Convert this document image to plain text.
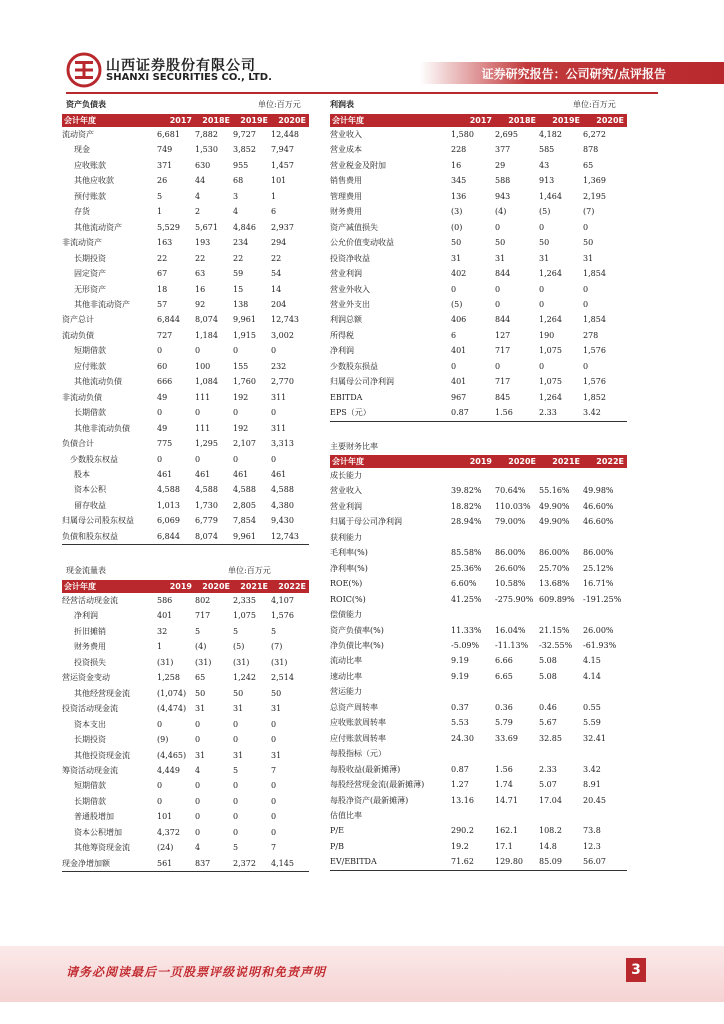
山西证券股份有限公司
SHANXI SECURITIES CO., LTD.	证券研究报告：公司研究/点评报告
资产负债表	单位:百万元	利润表	单位:百万元
会计年度	2017	2018E	2019E	2020E
流动资产	6,681	7,882	9,727	12,448
现金	749	1,530	3,852	7,947
应收账款	371	630	955	1,457
其他应收款	26	44	68	101
预付账款	5	4	3	1
存货	1	2	4	6
其他流动资产	5,529	5,671	4,846	2,937
非流动资产	163	193	234	294
长期投资	22	22	22	22
固定资产	67	63	59	54
无形资产	18	16	15	14
其他非流动资产	57	92	138	204
资产总计	6,844	8,074	9,961	12,743
流动负债	727	1,184	1,915	3,002
短期借款	0	0	0	0
应付账款	60	100	155	232
其他流动负债	666	1,084	1,760	2,770
非流动负债	49	111	192	311
长期借款	0	0	0	0
其他非流动负债	49	111	192	311
负债合计	775	1,295	2,107	3,313
少数股东权益	0	0	0	0
股本	461	461	461	461
资本公积	4,588	4,588	4,588	4,588
留存收益	1,013	1,730	2,805	4,380
归属母公司股东权益	6,069	6,779	7,854	9,430
负债和股东权益	6,844	8,074	9,961	12,743
会计年度	2017	2018E	2019E	2020E
营业收入	1,580	2,695	4,182	6,272
营业成本	228	377	585	878
营业税金及附加	16	29	43	65
销售费用	345	588	913	1,369
管理费用	136	943	1,464	2,195
财务费用	(3)	(4)	(5)	(7)
资产减值损失	(0)	0	0	0
公允价值变动收益	50	50	50	50
投资净收益	31	31	31	31
营业利润	402	844	1,264	1,854
营业外收入	0	0	0	0
营业外支出	(5)	0	0	0
利润总额	406	844	1,264	1,854
所得税	6	127	190	278
净利润	401	717	1,075	1,576
少数股东损益	0	0	0	0
归属母公司净利润	401	717	1,075	1,576
EBITDA	967	845	1,264	1,852
EPS（元）	0.87	1.56	2.33	3.42
主要财务比率
会计年度	2019	2020E	2021E	2022E
成长能力				
营业收入	39.82%	70.64%	55.16%	49.98%
营业利润	18.82%	110.03%	49.90%	46.60%
归属于母公司净利润	28.94%	79.00%	49.90%	46.60%
获利能力				
毛利率(%)	85.58%	86.00%	86.00%	86.00%
净利率(%)	25.36%	26.60%	25.70%	25.12%
ROE(%)	6.60%	10.58%	13.68%	16.71%
ROIC(%)	41.25%	-275.90%	609.89%	-191.25%
偿债能力				
资产负债率(%)	11.33%	16.04%	21.15%	26.00%
净负债比率(%)	-5.09%	-11.13%	-32.55%	-61.93%
流动比率	9.19	6.66	5.08	4.15
速动比率	9.19	6.65	5.08	4.14
营运能力				
总资产周转率	0.37	0.36	0.46	0.55
应收账款周转率	5.53	5.79	5.67	5.59
应付账款周转率	24.30	33.69	32.85	32.41
每股指标（元）				
每股收益(最新摊薄)	0.87	1.56	2.33	3.42
每股经营现金流(最新摊薄)	1.27	1.74	5.07	8.91
每股净资产(最新摊薄)	13.16	14.71	17.04	20.45
估值比率				
P/E	290.2	162.1	108.2	73.8
P/B	19.2	17.1	14.8	12.3
EV/EBITDA	71.62	129.80	85.09	56.07
现金流量表	单位:百万元
会计年度	2019	2020E	2021E	2022E
经营活动现金流	586	802	2,335	4,107
净利润	401	717	1,075	1,576
折旧摊销	32	5	5	5
财务费用	1	(4)	(5)	(7)
投资损失	(31)	(31)	(31)	(31)
营运资金变动	1,258	65	1,242	2,514
其他经营现金流	(1,074)	50	50	50
投资活动现金流	(4,474)	31	31	31
资本支出	0	0	0	0
长期投资	(9)	0	0	0
其他投资现金流	(4,465)	31	31	31
筹资活动现金流	4,449	4	5	7
短期借款	0	0	0	0
长期借款	0	0	0	0
普通股增加	101	0	0	0
资本公积增加	4,372	0	0	0
其他筹资现金流	(24)	4	5	7
现金净增加额	561	837	2,372	4,145
请务必阅读最后一页股票评级说明和免责声明	3
